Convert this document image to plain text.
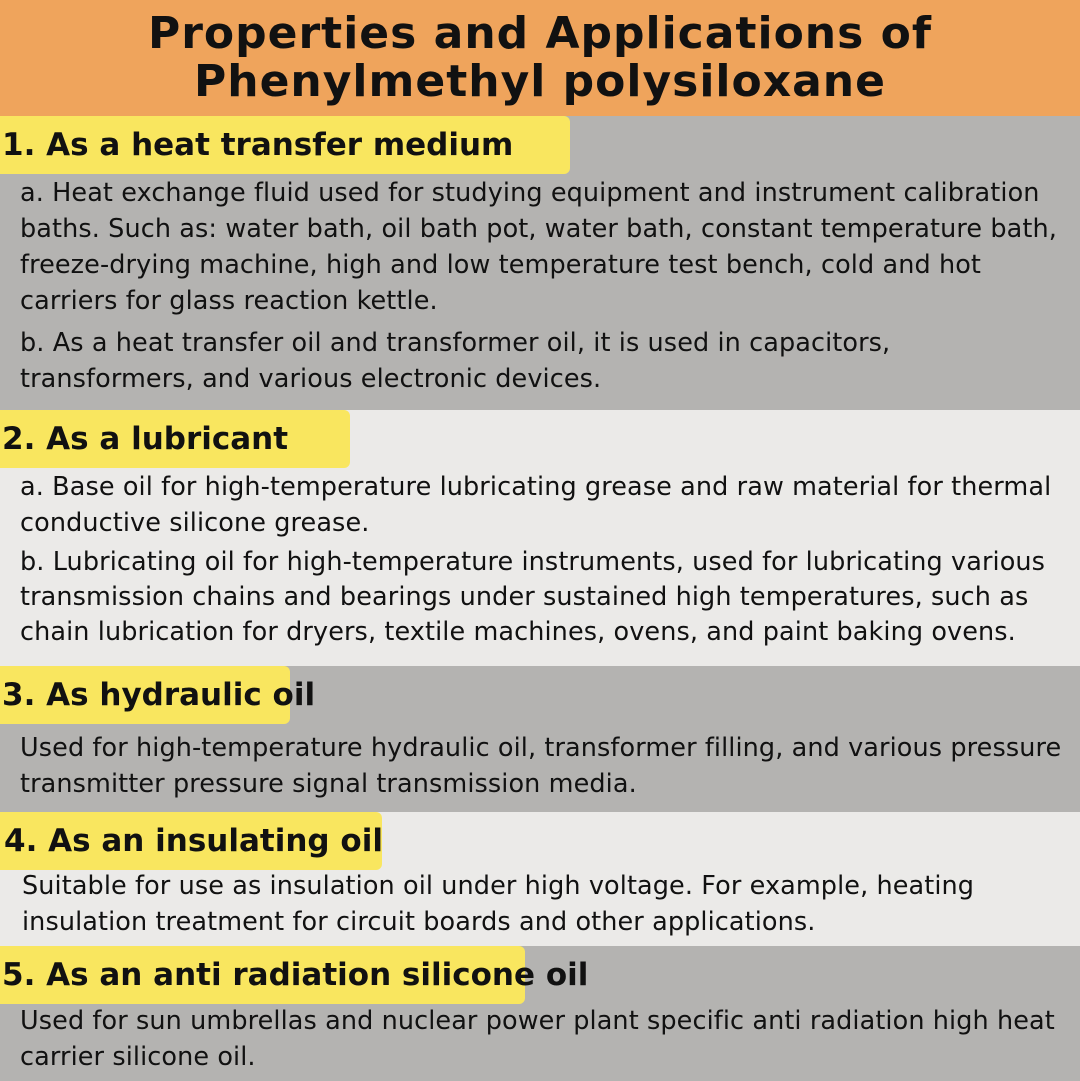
Properties and Applications of
Phenylmethyl polysiloxane
1. As a heat transfer medium

a. Heat exchange fluid used for studying equipment and instrument calibration baths. Such as: water bath, oil bath pot, water bath, constant temperature bath, freeze-drying machine, high and low temperature test bench, cold and hot carriers for glass reaction kettle.

b. As a heat transfer oil and transformer oil, it is used in capacitors, transformers, and various electronic devices.

2. As a lubricant

a. Base oil for high-temperature lubricating grease and raw material for thermal conductive silicone grease.

b. Lubricating oil for high-temperature instruments, used for lubricating various transmission chains and bearings under sustained high temperatures, such as chain lubrication for dryers, textile machines, ovens, and paint baking ovens.

3. As hydraulic oil

Used for high-temperature hydraulic oil, transformer filling, and various pressure transmitter pressure signal transmission media.

4. As an insulating oil

Suitable for use as insulation oil under high voltage. For example, heating insulation treatment for circuit boards and other applications.

5. As an anti radiation silicone oil

Used for sun umbrellas and nuclear power plant specific anti radiation high heat carrier silicone oil.
